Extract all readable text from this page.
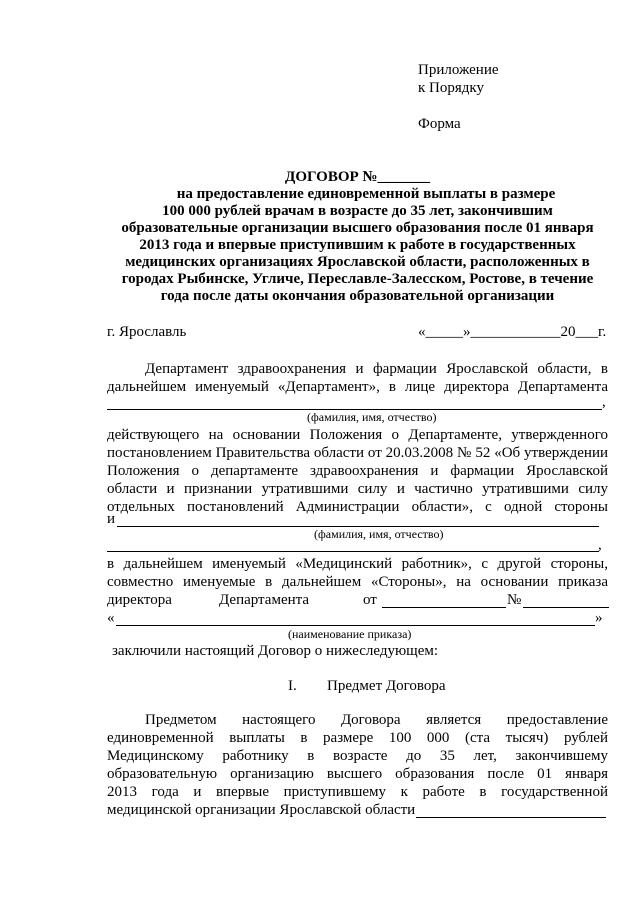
Приложение
к Порядку
Форма
ДОГОВОР №_______
на предоставление единовременной выплаты в размере
100 000 рублей врачам в возрасте до 35 лет, закончившим
образовательные организации высшего образования после 01 января
2013 года и впервые приступившим к работе в государственных
медицинских организациях Ярославской области, расположенных в
городах Рыбинске, Угличе, Переславле-Залесском, Ростове, в течение
года после даты окончания образовательной организации
г. Ярославль	«_____»____________20___г.
Департамент здравоохранения и фармации Ярославской области, в
дальнейшем именуемый «Департамент», в лице директора Департамента
,
(фамилия, имя, отчество)
действующего на основании Положения о Департаменте, утвержденного
постановлением Правительства области от 20.03.2008 № 52 «Об утверждении
Положения о департаменте здравоохранения и фармации Ярославской
области и признании утратившими силу и частично утратившими силу
отдельных постановлений Администрации области», с одной стороны
и
(фамилия, имя, отчество)
,
в дальнейшем именуемый «Медицинский работник», с другой стороны,
совместно именуемые в дальнейшем «Стороны», на основании приказа
директора	Департамента	от	№
«	»
(наименование приказа)
заключили настоящий Договор о нижеследующем:
I. Предмет Договора
Предметом настоящего Договора является предоставление
единовременной выплаты в размере 100 000 (ста тысяч) рублей
Медицинскому работнику в возрасте до 35 лет, закончившему
образовательную организацию высшего образования после 01 января
2013 года и впервые приступившему к работе в государственной
медицинской организации Ярославской области
